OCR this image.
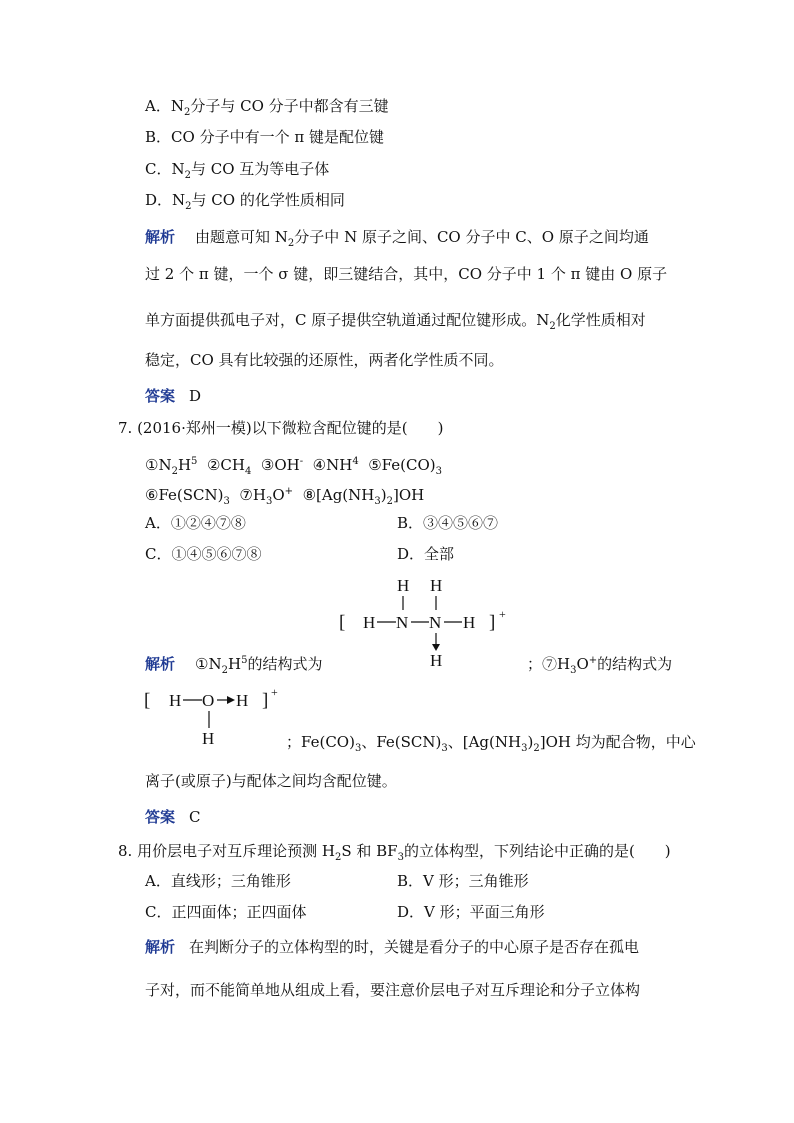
A．$N_2$分子与 CO 分子中都含有三键
B．CO 分子中有一个 π 键是配位键
C．$N_2$与 CO 互为等电子体
D．$N_2$与 CO 的化学性质相同
解析 由题意可知 $N_2$分子中 N 原子之间、CO 分子中 C、O 原子之间均通
过 2 个 π 键，一个 σ 键，即三键结合，其中，CO 分子中 1 个 π 键由 O 原子
单方面提供孤电子对，C 原子提供空轨道通过配位键形成。$N_2$化学性质相对
稳定，CO 具有比较强的还原性，两者化学性质不同。
答案 D
7. (2016·郑州一模)以下微粒含配位键的是(　　)
$①N_2H^5$  $②CH_4$  ③OH-  $④NH^4$  $⑤Fe(CO)_3$
$⑥Fe(SCN)_3$  $⑦H_3O^+$  $⑧[Ag(NH_3)_2]OH$
A．①②④⑦⑧	B．③④⑤⑥⑦
C．①④⑤⑥⑦⑧	D．全部
H H
[ H N N H ] +
H
解析 $①N_2H^5$的结构式为	；$⑦H_3O^+$的结构式为
[ H O H ] +
H	；$Fe(CO)_3$、$Fe(SCN)_3$、$[Ag(NH_3)_2]OH$ 均为配合物，中心
离子(或原子)与配体之间均含配位键。
答案 C
8. 用价层电子对互斥理论预测 $H_2S$ 和 $BF_3$的立体构型，下列结论中正确的是(　　)
A．直线形；三角锥形	B．V 形；三角锥形
C．正四面体；正四面体	D．V 形；平面三角形
解析 在判断分子的立体构型的时，关键是看分子的中心原子是否存在孤电
子对，而不能简单地从组成上看，要注意价层电子对互斥理论和分子立体构
